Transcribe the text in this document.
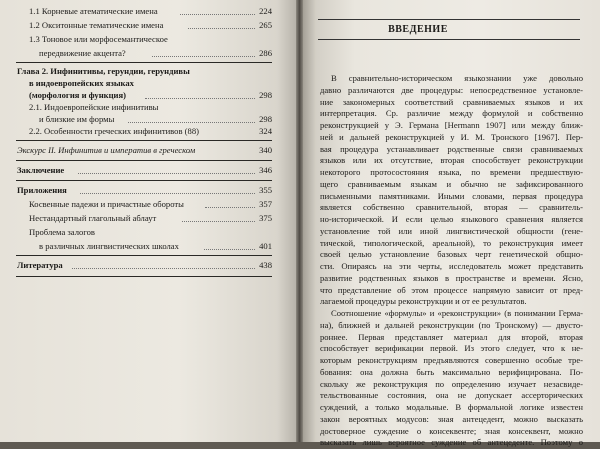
1.1 Корневые атематические имена	224
1.2 Окситонные тематические имена	265
1.3 Тоновое или морфосемантическое
передвижение акцента?	286
Глава 2. Инфинитивы, герундии, герундивы
в индоевропейских языках
(морфология и функция)	298
2.1. Индоевропейские инфинитивы
и близкие им формы	298
2.2. Особенности греческих инфинитивов (88)	324
Экскурс II. Инфинитив и императив в греческом	340
Заключение	346
Приложения	355
Косвенные падежи и причастные обороты	357
Нестандартный глагольный аблаут	375
Проблема залогов
в различных лингвистических школах	401
Литература	438
ВВЕДЕНИЕ
В сравнительно-историческом языкознании уже довольно
давно различаются две процедуры: непосредственное установле-
ние закономерных соответствий сравниваемых языков и их
интерпретация. Ср. различие между формулой и собственно
реконструкцией у Э. Германа [Hermann 1907] или между ближ-
ней и дальней реконструкцией у И. М. Тронского [1967]. Пер-
вая процедура устанавливает родственные связи сравниваемых
языков или их отсутствие, вторая способствует реконструкции
некоторого протосостояния языка, по времени предшествую-
щего сравниваемым языкам и обычно не зафиксированного
письменными памятниками. Иными словами, первая процедура
является собственно сравнительной, вторая — сравнитель-
но-исторической. И если целью языкового сравнения является
установление той или иной лингвистической общности (гене-
тической, типологической, ареальной), то реконструкция имеет
своей целью установление базовых черт генетической общно-
сти. Опираясь на эти черты, исследователь может представить
развитие родственных языков в пространстве и времени. Ясно,
что представление об этом процессе напрямую зависит от пред-
лагаемой процедуры реконструкции и от ее результатов.
Соотношение «формулы» и «реконструкции» (в понимании Герма-
на), ближней и дальней реконструкции (по Тронскому) — двусто-
роннее. Первая представляет материал для второй, вторая
способствует верификации первой. Из этого следует, что к не-
которым реконструкциям предъявляются совершенно особые тре-
бования: она должна быть максимально верифицирована. По-
скольку же реконструкция по определению изучает незасвиде-
тельствованные состояния, она не допускает ассерторических
суждений, а только модальные. В формальной логике известен
закон вероятных модусов: зная антецедент, можно высказать
достоверное суждение о консеквенте; зная консеквент, можно
высказать лишь вероятное суждение об антецеденте. Поэтому о
